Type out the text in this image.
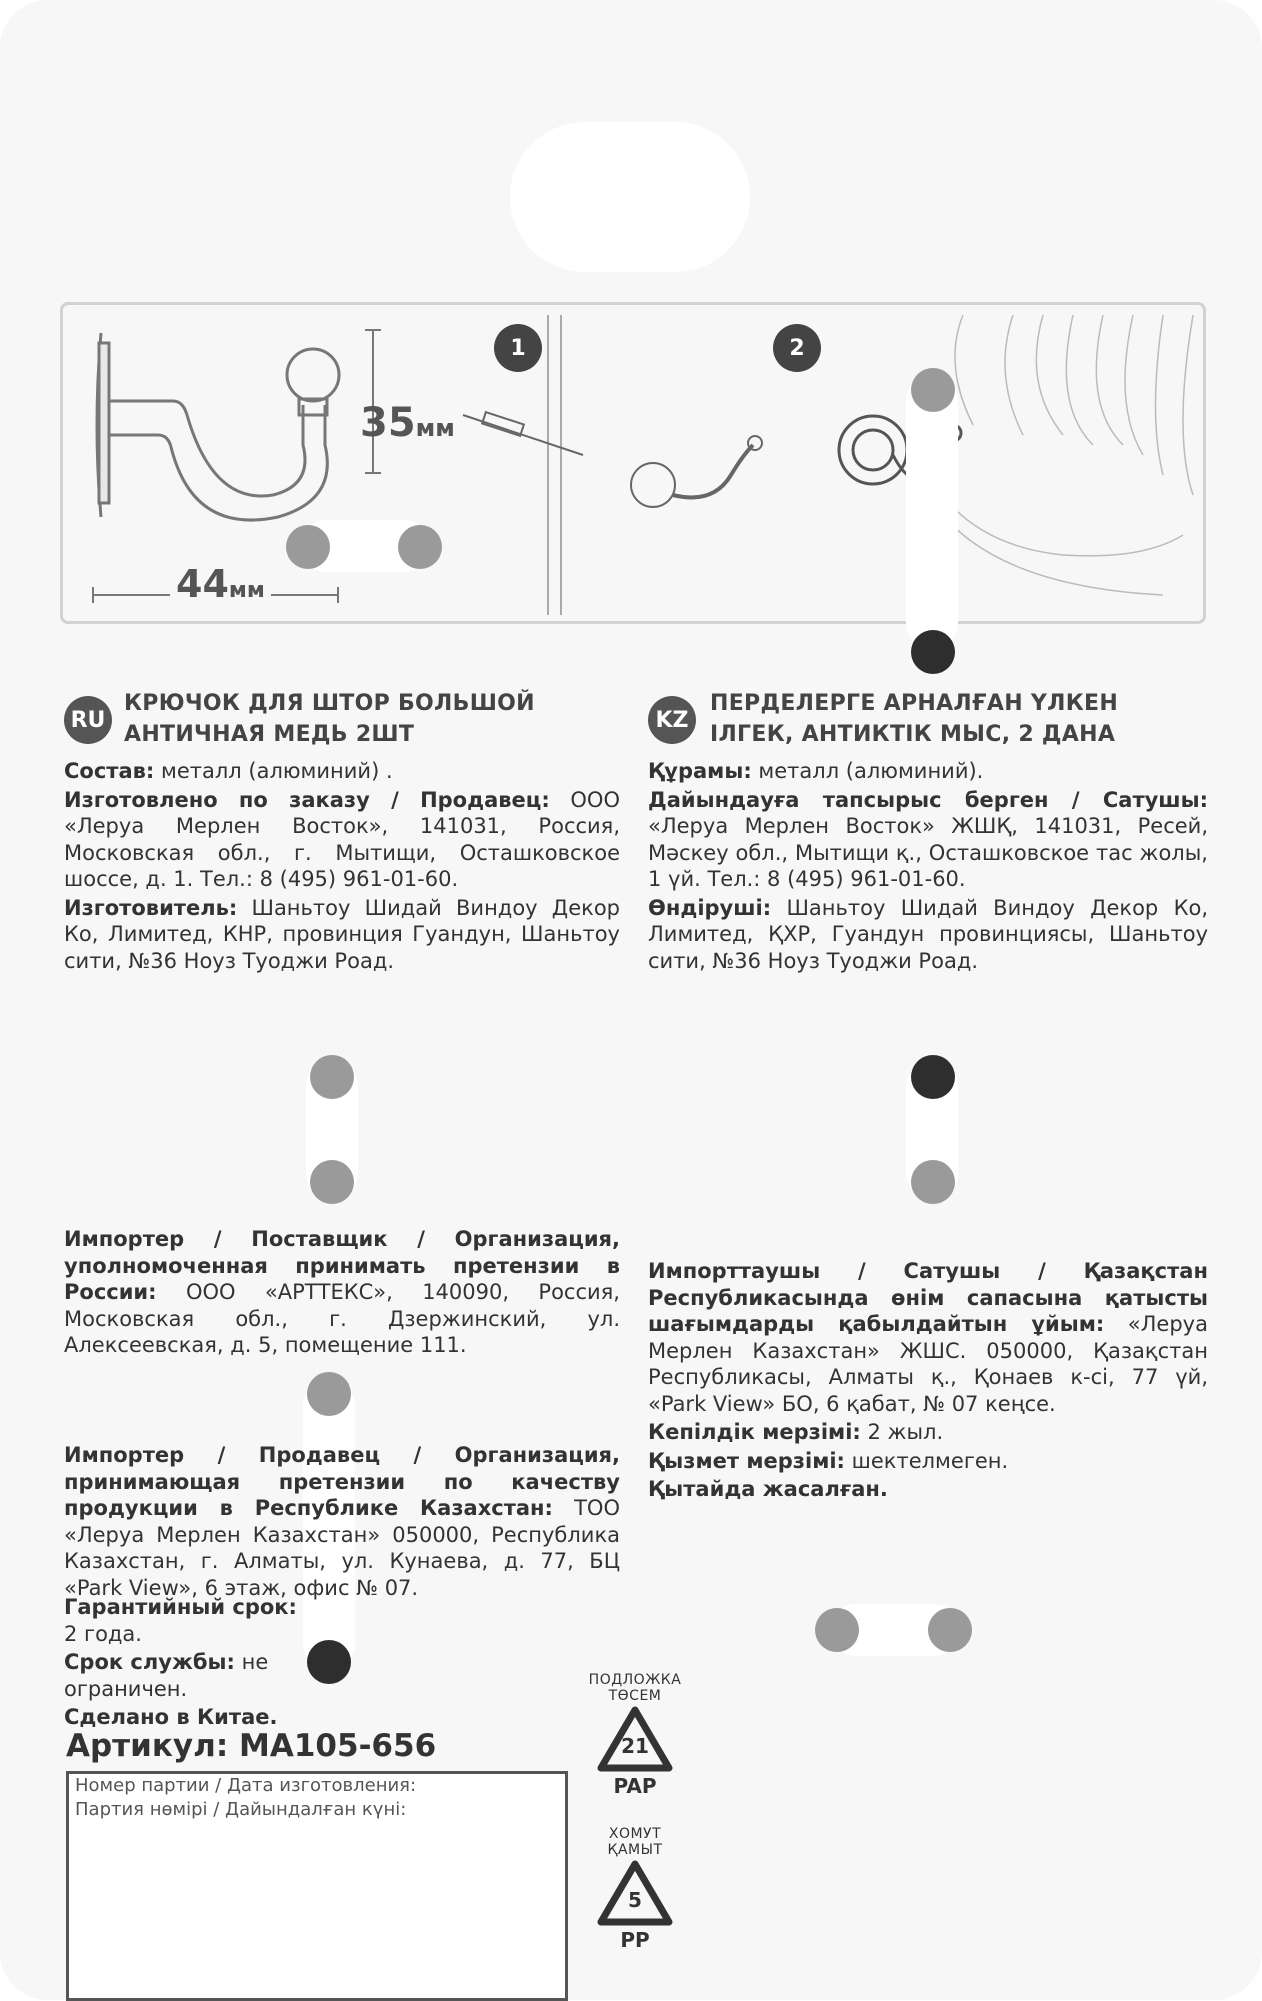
35мм
44мм
1	2
RU
КРЮЧОК ДЛЯ ШТОР БОЛЬШОЙ АНТИЧНАЯ МЕДЬ 2ШТ

Состав: металл (алюминий) .

Изготовлено по заказу / Продавец: ООО «Леруа Мерлен Восток», 141031, Россия, Московская обл., г. Мытищи, Осташковское шоссе, д. 1. Тел.: 8 (495) 961-01-60.

Изготовитель: Шаньтоу Шидай Виндоу Декор Ко, Лимитед, КНР, провинция Гуандун, Шаньтоу сити, №36 Ноуз Туоджи Роад.

Импортер / Поставщик / Организация, уполномоченная принимать претензии в России: ООО «АРТТЕКС», 140090, Россия, Московская обл., г. Дзержинский, ул. Алексеевская, д. 5, помещение 111.

Импортер / Продавец / Организация, принимающая претензии по качеству продукции в Республике Казахстан: ТОО «Леруа Мерлен Казахстан» 050000, Республика Казахстан, г. Алматы, ул. Кунаева, д. 77, БЦ «Park View», 6 этаж, офис № 07.

Гарантийный срок: 2 года.

Срок службы: не ограничен.

Сделано в Китае.

Артикул: MA105-656
Номер партии / Дата изготовления:
Партия нөмірі / Дайындалған күні:
KZ
ПЕРДЕЛЕРГЕ АРНАЛҒАН ҮЛКЕН ІЛГЕК, АНТИКТІК МЫС, 2 ДАНА

Құрамы: металл (алюминий).

Дайындауға тапсырыс берген / Сатушы: «Леруа Мерлен Восток» ЖШҚ, 141031, Ресей, Мәскеу обл., Мытищи қ., Осташковское тас жолы, 1 үй. Тел.: 8 (495) 961-01-60.

Өндіруші: Шаньтоу Шидай Виндоу Декор Ко, Лимитед, ҚХР, Гуандун провинциясы, Шаньтоу сити, №36 Ноуз Туоджи Роад.

Импорттаушы / Сатушы / Қазақстан Республикасында өнім сапасына қатысты шағымдарды қабылдайтын ұйым: «Леруа Мерлен Казахстан» ЖШС. 050000, Қазақстан Республикасы, Алматы қ., Қонаев к-сі, 77 үй, «Park View» БО, 6 қабат, № 07 кеңсе.

Кепілдік мерзімі: 2 жыл.

Қызмет мерзімі: шектелмеген.

Қытайда жасалған.

ПОДЛОЖКА
ТӨСЕМ
21
PAP
ХОМУТ
ҚАМЫТ
5
PP
